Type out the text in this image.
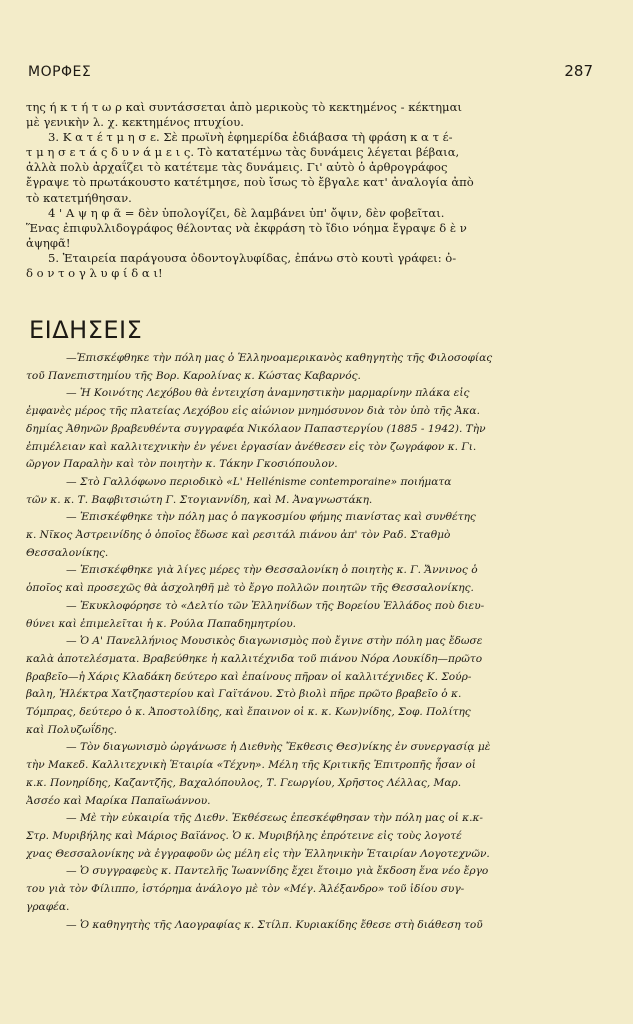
ΜΟΡΦΕΣ	287

της ή κ τ ή τ ω ρ καὶ συντάσσεται ἀπὸ μερικοὺς τὸ κεκτημένος - κέκτημαι

μὲ γενικὴν λ. χ. κεκτημένος πτυχίου.

3. Κ α τ έ τ μ η σ ε. Σὲ πρωϊνὴ ἐφημερίδα ἐδιάβασα τὴ φράση κ α τ έ-

τ μ η σ ε τ ά ς δ υ ν ά μ ε ι ς. Τὸ κατατέμνω τὰς δυνάμεις λέγεται βέβαια,

ἀλλὰ πολὺ ἀρχαΐζει τὸ κατέτεμε τὰς δυνάμεις. Γι' αὐτὸ ὁ ἀρθρογράφος

ἔγραψε τὸ πρωτάκουστο κατέτμησε, ποὺ ἴσως τὸ ἔβγαλε κατ' ἀναλογία ἀπὸ

τὸ κατετμήθησαν.

4 ' Α ψ η φ ᾶ = δὲν ὑπολογίζει, δὲ λαμβάνει ὑπ' ὄψιν, δὲν φοβεῖται.

Ἕνας ἐπιφυλλιδογράφος θέλοντας νὰ ἐκφράση τὸ ἴδιο νόημα ἔγραψε δ ὲ ν

ἀψηφᾶ!

5. Ἑταιρεία παράγουσα ὀδοντογλυφίδας, ἐπάνω στὸ κουτὶ γράφει: ὀ-

δ ο ν τ ο γ λ υ φ ί δ α ι!

ΕΙΔΗΣΕΙΣ

—Ἐπισκέφθηκε τὴν πόλη μας ὁ Ἑλληνοαμερικανὸς καθηγητὴς τῆς Φιλοσοφίας

τοῦ Πανεπιστημίου τῆς Βορ. Καρολίνας κ. Κώστας Καβαρνός.

— Ἡ Κοινότης Λεχόβου θὰ ἐντειχίση ἀναμνηστικὴν μαρμαρίνην πλάκα εἰς

ἐμφανὲς μέρος τῆς πλατείας Λεχόβου εἰς αἰώνιον μνημόσυνον διὰ τὸν ὑπὸ τῆς Ἀκα.

δημίας Ἀθηνῶν βραβευθέντα συγγραφέα Νικόλαον Παπαστεργίου (1885 - 1942). Τὴν

ἐπιμέλειαν καὶ καλλιτεχνικὴν ἐν γένει ἐργασίαν ἀνέθεσεν εἰς τὸν ζωγράφον κ. Γι.

ῶργον Παραλὴν καὶ τὸν ποιητὴν κ. Τάκην Γκοσιόπουλον.

— Στὸ Γαλλόφωνο περιοδικὸ «L' Hellénisme contemporaine» ποιήματα

τῶν κ. κ. Τ. Βαφβιτσιώτη Γ. Στογιαννίδη, καὶ Μ. Ἀναγνωστάκη.

— Ἐπισκέφθηκε τὴν πόλη μας ὁ παγκοσμίου φήμης πιανίστας καὶ συνθέτης

κ. Νῖκος Ἀστρεινίδης ὁ ὁποῖος ἔδωσε καὶ ρεσιτάλ πιάνου ἀπ' τὸν Ραδ. Σταθμὸ

Θεσσαλονίκης.

— Ἐπισκέφθηκε γιὰ λίγες μέρες τὴν Θεσσαλονίκη ὁ ποιητὴς κ. Γ. Ἄννινος ὁ

ὁποῖος καὶ προσεχῶς θὰ ἀσχοληθῆ μὲ τὸ ἔργο πολλῶν ποιητῶν τῆς Θεσσαλονίκης.

— Ἐκυκλοφόρησε τὸ «Δελτίο τῶν Ἑλληνίδων τῆς Βορείου Ἑλλάδος ποὺ διευ-

θύνει καὶ ἐπιμελεῖται ἡ κ. Ρούλα Παπαδημητρίου.

— Ὁ Α' Πανελλήνιος Μουσικὸς διαγωνισμὸς ποὺ ἔγινε στὴν πόλη μας ἔδωσε

καλὰ ἀποτελέσματα. Βραβεύθηκε ἡ καλλιτέχνιδα τοῦ πιάνου Νόρα Λουκίδη—πρῶτο

βραβεῖο—ἡ Χάρις Κλαδάκη δεύτερο καὶ ἐπαίνους πῆραν οἱ καλλιτέχνιδες Κ. Σούρ-

βαλη, Ἠλέκτρα Χατζηαστερίου καὶ Γαϊτάνου. Στὸ βιολὶ πῆρε πρῶτο βραβεῖο ὁ κ.

Τόμπρας, δεύτερο ὁ κ. Ἀποστολίδης, καὶ ἔπαινον οἱ κ. κ. Κων)νίδης, Σοφ. Πολίτης

καὶ Πολυζωΐδης.

— Τὸν διαγωνισμὸ ὠργάνωσε ἡ Διεθνὴς Ἔκθεσις Θεσ)νίκης ἐν συνεργασίᾳ μὲ

τὴν Μακεδ. Καλλιτεχνικὴ Ἑταιρία «Τέχνη». Μέλη τῆς Κριτικῆς Ἐπιτροπῆς ἦσαν οἱ

κ.κ. Πονηρίδης, Καζαντζῆς, Βαχαλόπουλος, Τ. Γεωργίου, Χρῆστος Λέλλας, Μαρ.

Ἀσσέο καὶ Μαρίκα Παπαϊωάννου.

— Μὲ τὴν εὐκαιρία τῆς Διεθν. Ἐκθέσεως ἐπεσκέφθησαν τὴν πόλη μας οἱ κ.κ-

Στρ. Μυριβήλης καὶ Μάριος Βαϊάνος. Ὁ κ. Μυριβήλης ἐπρότεινε εἰς τοὺς λογοτέ

χνας Θεσσαλονίκης νὰ ἐγγραφοῦν ὡς μέλη εἰς τὴν Ἑλληνικὴν Ἑταιρίαν Λογοτεχνῶν.

— Ὁ συγγραφεὺς κ. Παντελῆς Ἰωαννίδης ἔχει ἕτοιμο γιὰ ἔκδοση ἕνα νέο ἔργο

του γιὰ τὸν Φίλιππο, ἱστόρημα ἀνάλογο μὲ τὸν «Μέγ. Ἀλέξανδρο» τοῦ ἰδίου συγ-

γραφέα.

— Ὁ καθηγητὴς τῆς Λαογραφίας κ. Στίλπ. Κυριακίδης ἔθεσε στὴ διάθεση τοῦ
